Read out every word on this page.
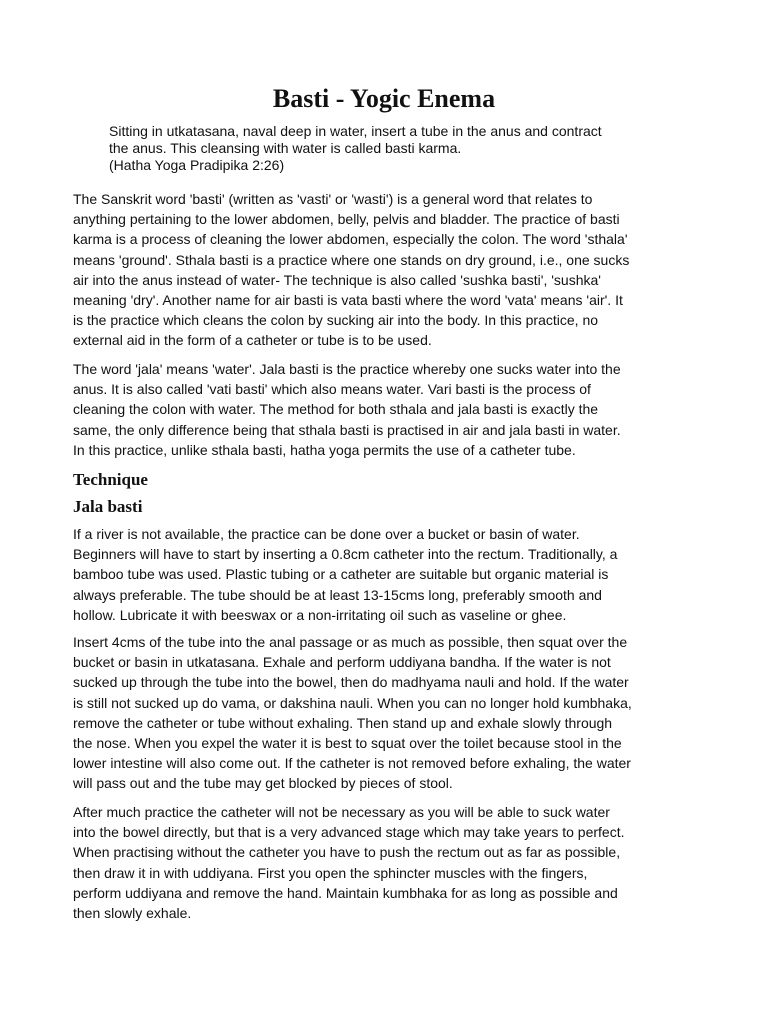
Basti - Yogic Enema
Sitting in utkatasana, naval deep in water, insert a tube in the anus and contract
the anus. This cleansing with water is called basti karma.
(Hatha Yoga Pradipika 2:26)
The Sanskrit word 'basti' (written as 'vasti' or 'wasti') is a general word that relates to
anything pertaining to the lower abdomen, belly, pelvis and bladder. The practice of basti
karma is a process of cleaning the lower abdomen, especially the colon. The word 'sthala'
means 'ground'. Sthala basti is a practice where one stands on dry ground, i.e., one sucks
air into the anus instead of water- The technique is also called 'sushka basti', 'sushka'
meaning 'dry'. Another name for air basti is vata basti where the word 'vata' means 'air'. It
is the practice which cleans the colon by sucking air into the body. In this practice, no
external aid in the form of a catheter or tube is to be used.
The word 'jala' means 'water'. Jala basti is the practice whereby one sucks water into the
anus. It is also called 'vati basti' which also means water. Vari basti is the process of
cleaning the colon with water. The method for both sthala and jala basti is exactly the
same, the only difference being that sthala basti is practised in air and jala basti in water.
In this practice, unlike sthala basti, hatha yoga permits the use of a catheter tube.
Technique
Jala basti
If a river is not available, the practice can be done over a bucket or basin of water.
Beginners will have to start by inserting a 0.8cm catheter into the rectum. Traditionally, a
bamboo tube was used. Plastic tubing or a catheter are suitable but organic material is
always preferable. The tube should be at least 13-15cms long, preferably smooth and
hollow. Lubricate it with beeswax or a non-irritating oil such as vaseline or ghee.
Insert 4cms of the tube into the anal passage or as much as possible, then squat over the
bucket or basin in utkatasana. Exhale and perform uddiyana bandha. If the water is not
sucked up through the tube into the bowel, then do madhyama nauli and hold. If the water
is still not sucked up do vama, or dakshina nauli. When you can no longer hold kumbhaka,
remove the catheter or tube without exhaling. Then stand up and exhale slowly through
the nose. When you expel the water it is best to squat over the toilet because stool in the
lower intestine will also come out. If the catheter is not removed before exhaling, the water
will pass out and the tube may get blocked by pieces of stool.
After much practice the catheter will not be necessary as you will be able to suck water
into the bowel directly, but that is a very advanced stage which may take years to perfect.
When practising without the catheter you have to push the rectum out as far as possible,
then draw it in with uddiyana. First you open the sphincter muscles with the fingers,
perform uddiyana and remove the hand. Maintain kumbhaka for as long as possible and
then slowly exhale.
